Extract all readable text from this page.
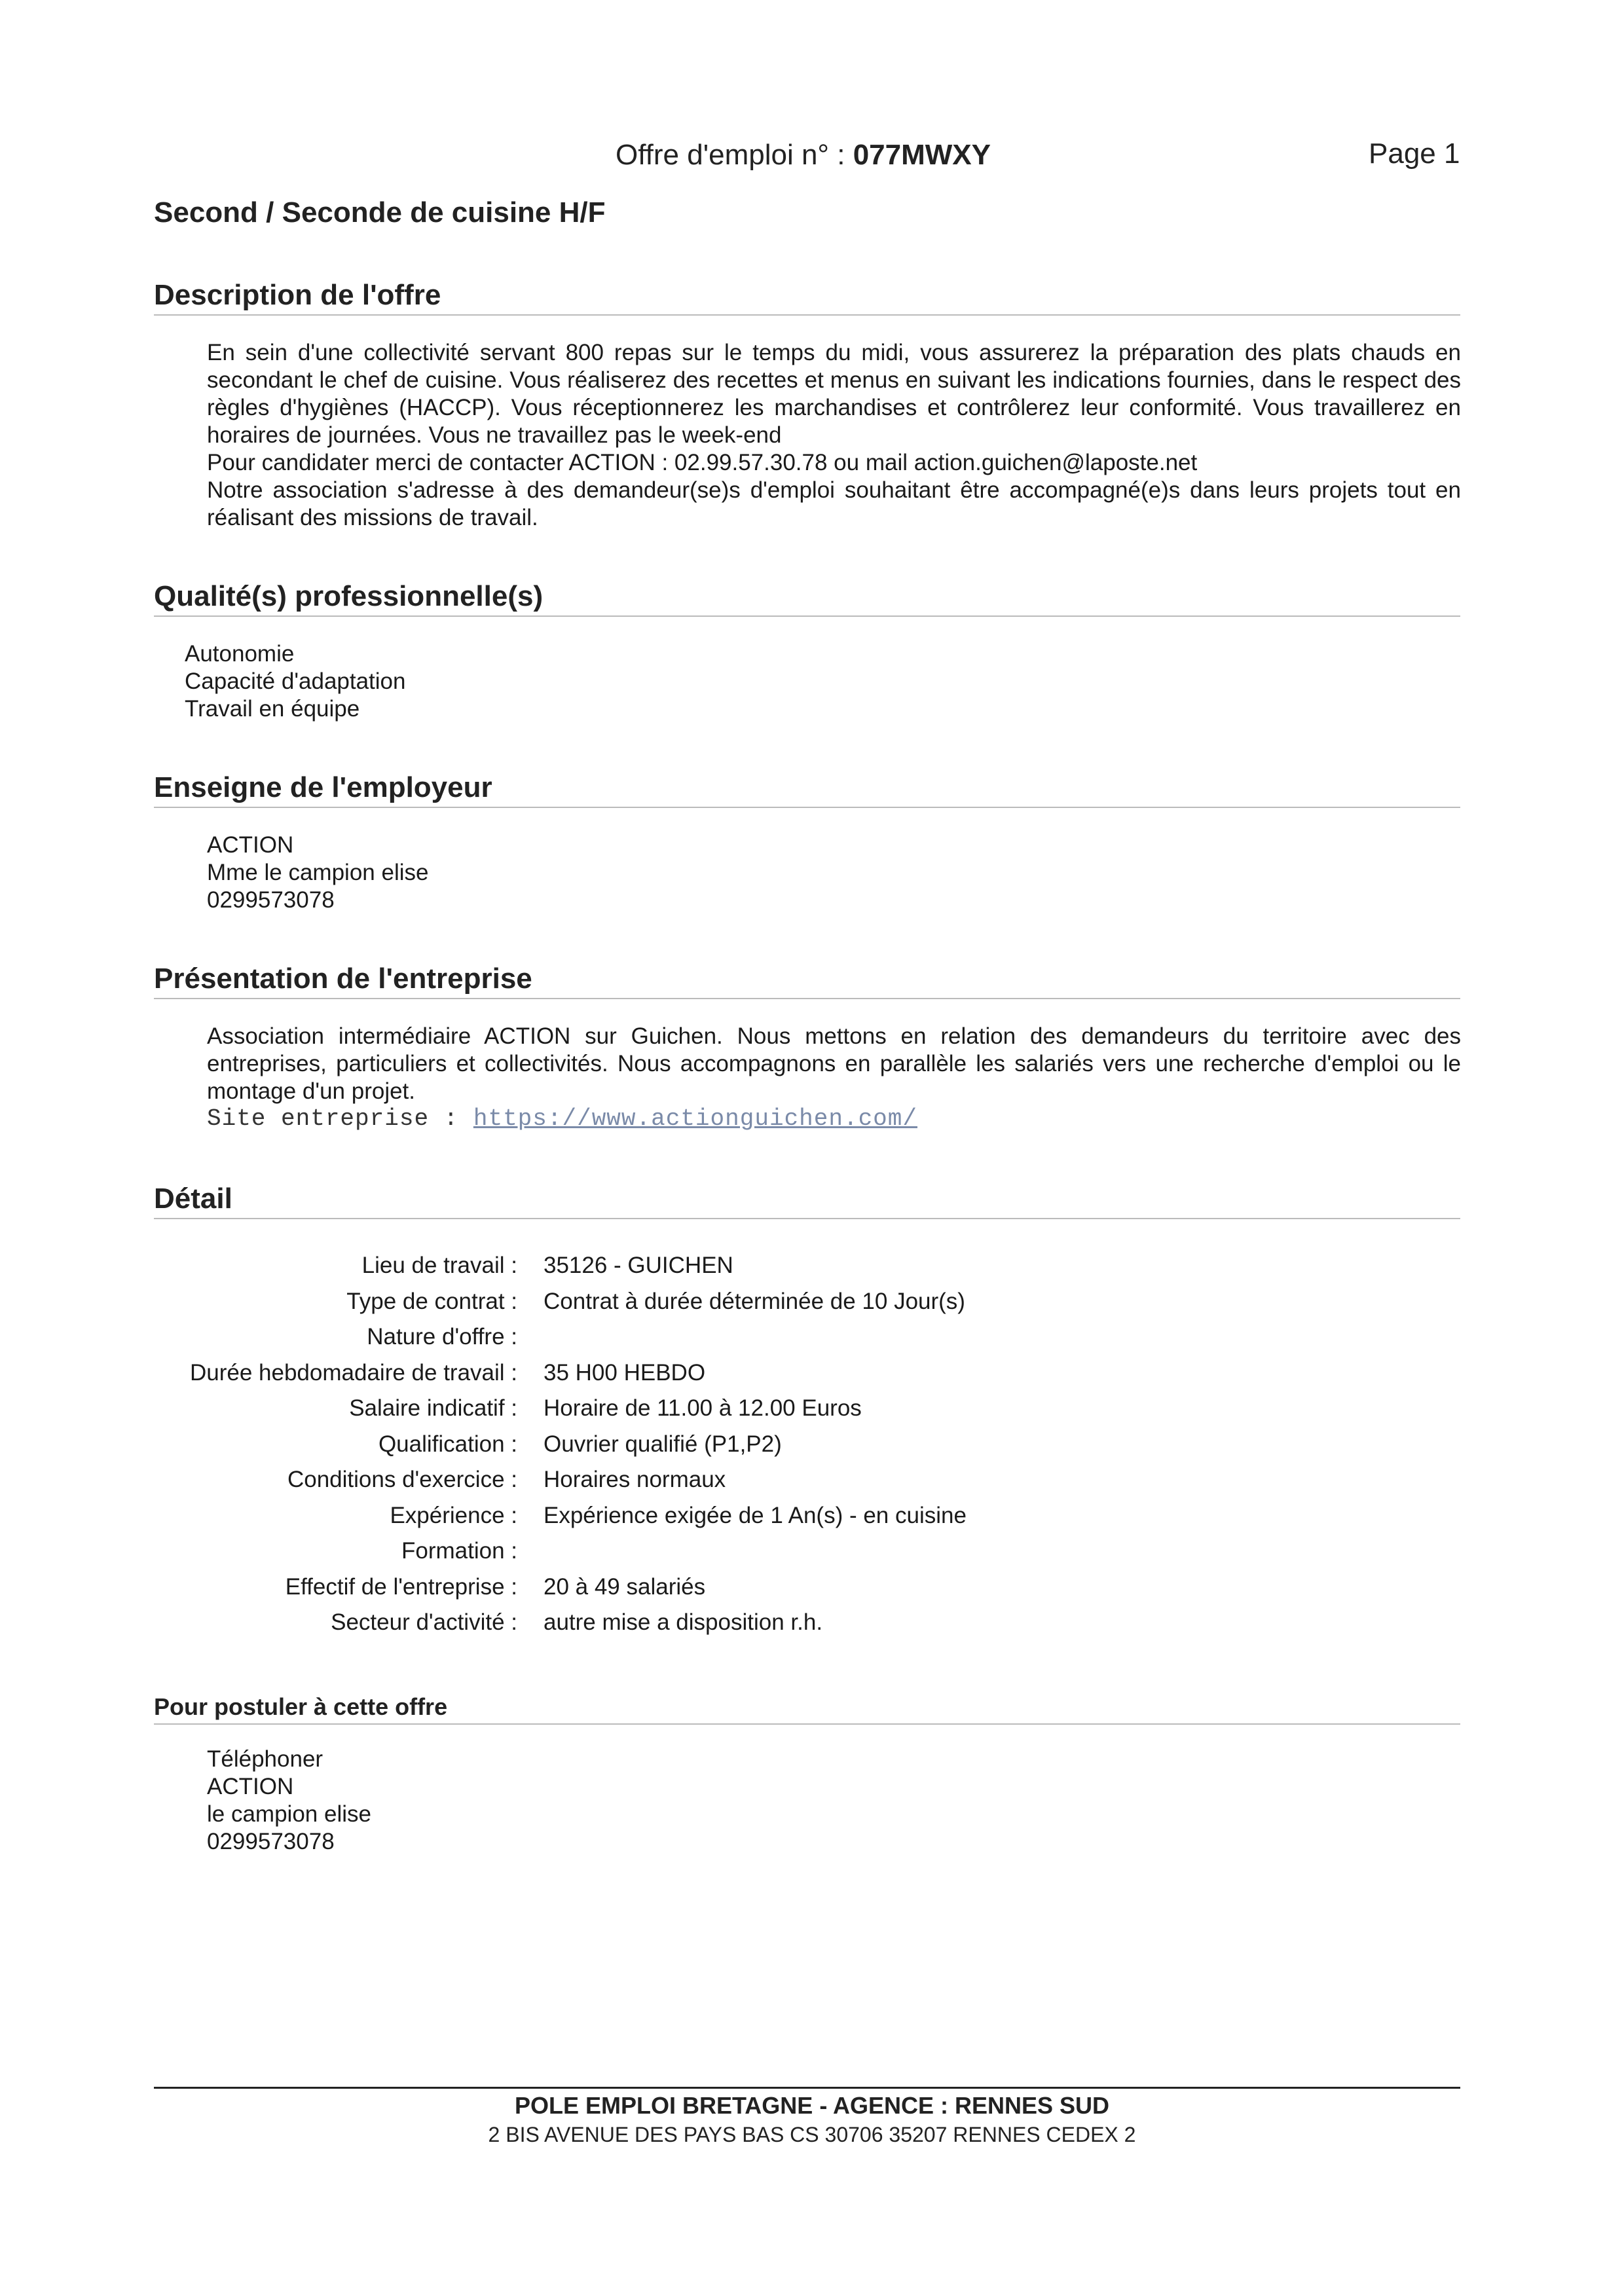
Offre d'emploi n° : 077MWXY	Page 1
Second / Seconde de cuisine H/F
Description de l'offre

En sein d'une collectivité servant 800 repas sur le temps du midi, vous assurerez la préparation des plats chauds en secondant le chef de cuisine. Vous réaliserez des recettes et menus en suivant les indications fournies, dans le respect des règles d'hygiènes (HACCP). Vous réceptionnerez les marchandises et contrôlerez leur conformité. Vous travaillerez en horaires de journées. Vous ne travaillez pas le week-end

Pour candidater merci de contacter ACTION : 02.99.57.30.78 ou mail action.guichen@laposte.net

Notre association s'adresse à des demandeur(se)s d'emploi souhaitant être accompagné(e)s dans leurs projets tout en réalisant des missions de travail.

Qualité(s) professionnelle(s)
Autonomie
Capacité d'adaptation
Travail en équipe
Enseigne de l'employeur
ACTION
Mme le campion elise
0299573078
Présentation de l'entreprise

Association intermédiaire ACTION sur Guichen. Nous mettons en relation des demandeurs du territoire avec des entreprises, particuliers et collectivités. Nous accompagnons en parallèle les salariés vers une recherche d'emploi ou le montage d'un projet.

Site entreprise : https://www.actionguichen.com/

Détail
Lieu de travail :	35126 - GUICHEN
Type de contrat :	Contrat à durée déterminée de 10 Jour(s)
Nature d'offre :	
Durée hebdomadaire de travail :	35 H00 HEBDO
Salaire indicatif :	Horaire de 11.00 à 12.00 Euros
Qualification :	Ouvrier qualifié (P1,P2)
Conditions d'exercice :	Horaires normaux
Expérience :	Expérience exigée de 1 An(s) - en cuisine
Formation :	
Effectif de l'entreprise :	20 à 49 salariés
Secteur d'activité :	autre mise a disposition r.h.
Pour postuler à cette offre
Téléphoner
ACTION
le campion elise
0299573078
POLE EMPLOI BRETAGNE - AGENCE : RENNES SUD
2 BIS AVENUE DES PAYS BAS CS 30706 35207 RENNES CEDEX 2
